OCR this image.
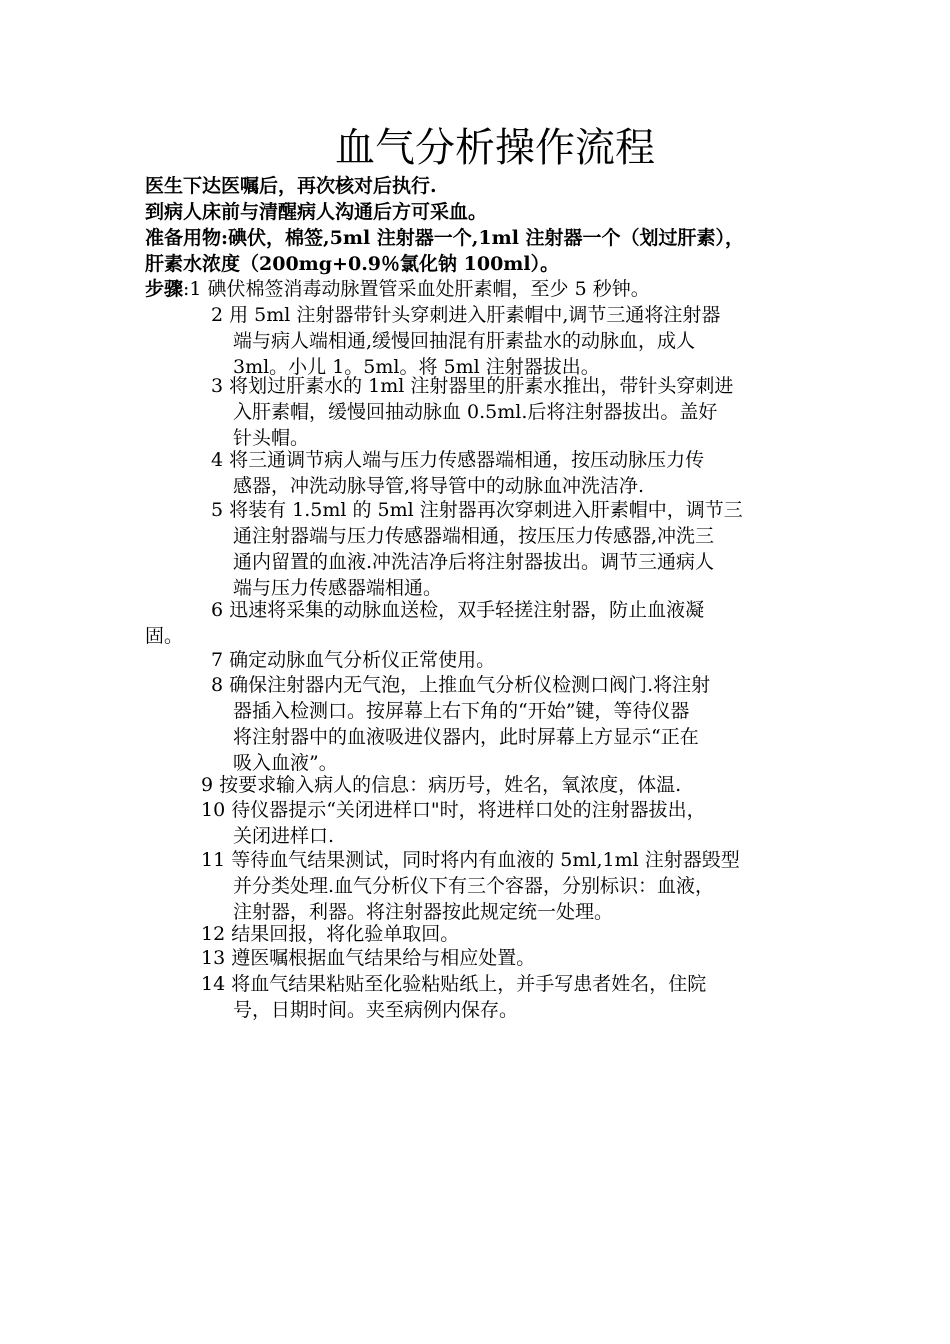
血气分析操作流程

医生下达医嘱后，再次核对后执行.

到病人床前与清醒病人沟通后方可采血。

准备用物:碘伏，棉签,5ml 注射器一个,1ml 注射器一个（划过肝素），

肝素水浓度（200mg+0.9％氯化钠 100ml）。

步骤:1 碘伏棉签消毒动脉置管采血处肝素帽，至少 5 秒钟。
2 用 5ml 注射器带针头穿刺进入肝素帽中,调节三通将注射器
端与病人端相通,缓慢回抽混有肝素盐水的动脉血，成人
3ml。小儿 1。5ml。将 5ml 注射器拔出。
3 将划过肝素水的 1ml 注射器里的肝素水推出，带针头穿刺进
入肝素帽，缓慢回抽动脉血 0.5ml.后将注射器拔出。盖好
针头帽。
4 将三通调节病人端与压力传感器端相通，按压动脉压力传
感器，冲洗动脉导管,将导管中的动脉血冲洗洁净.
5 将装有 1.5ml 的 5ml 注射器再次穿刺进入肝素帽中，调节三
通注射器端与压力传感器端相通，按压压力传感器,冲洗三
通内留置的血液.冲洗洁净后将注射器拔出。调节三通病人
端与压力传感器端相通。
6 迅速将采集的动脉血送检，双手轻搓注射器，防止血液凝
固。
7 确定动脉血气分析仪正常使用。
8 确保注射器内无气泡，上推血气分析仪检测口阀门.将注射
器插入检测口。按屏幕上右下角的“开始”键，等待仪器
将注射器中的血液吸进仪器内，此时屏幕上方显示“正在
吸入血液”。
9 按要求输入病人的信息：病历号，姓名，氧浓度，体温.
10 待仪器提示“关闭进样口"时，将进样口处的注射器拔出，
关闭进样口.
11 等待血气结果测试，同时将内有血液的 5ml,1ml 注射器毁型
并分类处理.血气分析仪下有三个容器，分别标识：血液，
注射器，利器。将注射器按此规定统一处理。
12 结果回报，将化验单取回。
13 遵医嘱根据血气结果给与相应处置。
14 将血气结果粘贴至化验粘贴纸上，并手写患者姓名，住院
号，日期时间。夹至病例内保存。
